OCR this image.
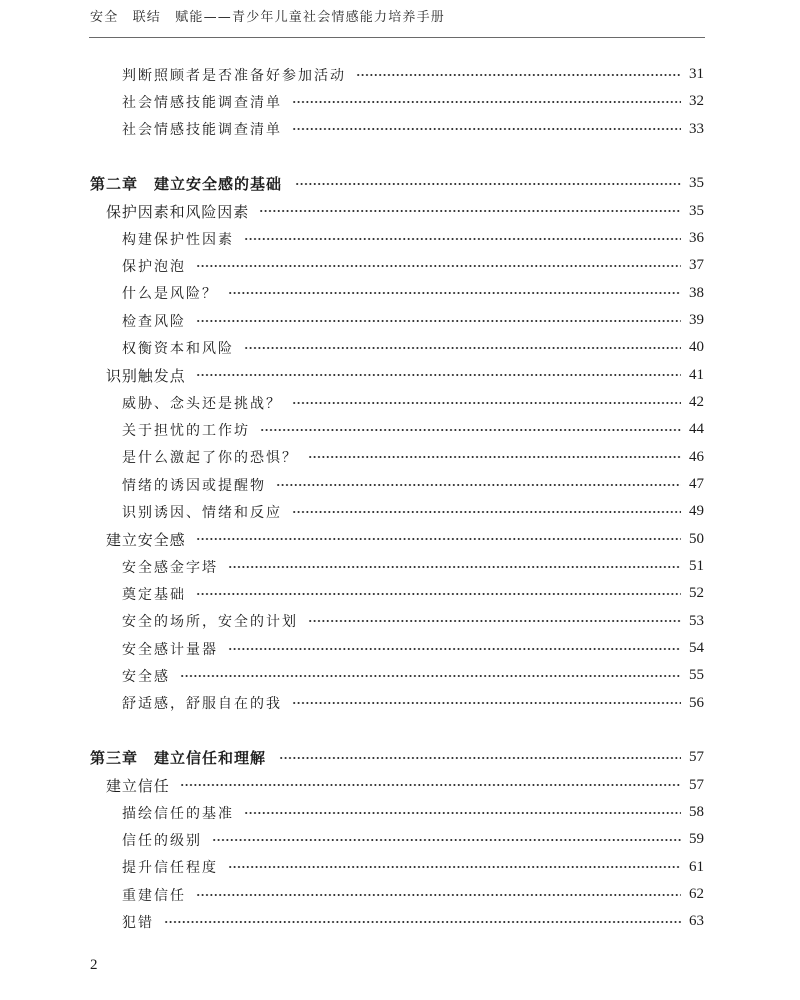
安全　联结　赋能——青少年儿童社会情感能力培养手册
判断照顾者是否准备好参加活动	31
社会情感技能调查清单	32
社会情感技能调查清单	33
第二章 建立安全感的基础	35
保护因素和风险因素	35
构建保护性因素	36
保护泡泡	37
什么是风险？	38
检查风险	39
权衡资本和风险	40
识别触发点	41
威胁、念头还是挑战？	42
关于担忧的工作坊	44
是什么激起了你的恐惧？	46
情绪的诱因或提醒物	47
识别诱因、情绪和反应	49
建立安全感	50
安全感金字塔	51
奠定基础	52
安全的场所，安全的计划	53
安全感计量器	54
安全感	55
舒适感，舒服自在的我	56
第三章 建立信任和理解	57
建立信任	57
描绘信任的基准	58
信任的级别	59
提升信任程度	61
重建信任	62
犯错	63
2
